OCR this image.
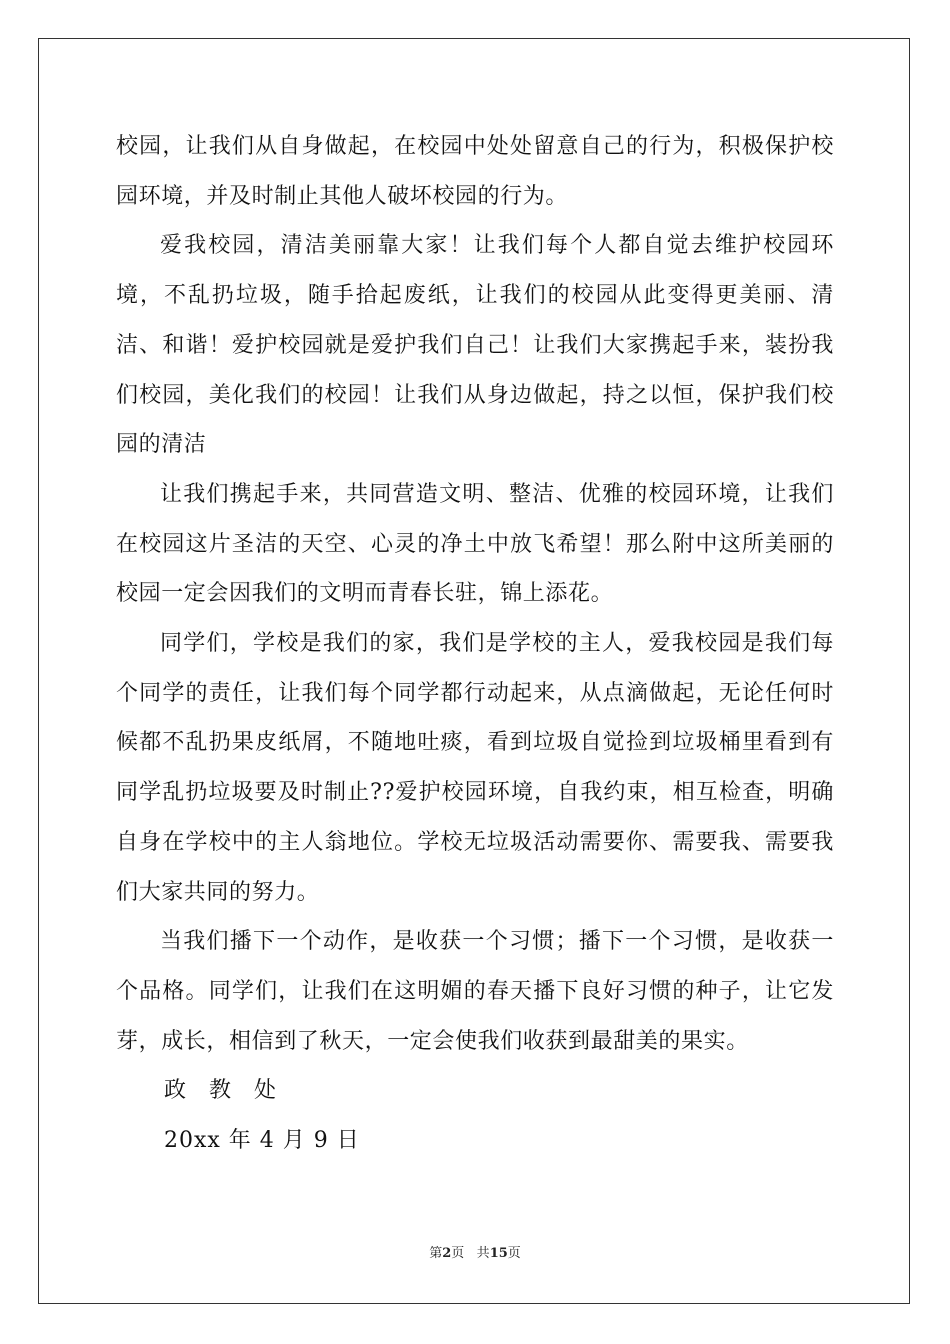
校园，让我们从自身做起，在校园中处处留意自己的行为，积极保护校园环境，并及时制止其他人破坏校园的行为。

爱我校园，清洁美丽靠大家！让我们每个人都自觉去维护校园环境，不乱扔垃圾，随手拾起废纸，让我们的校园从此变得更美丽、清洁、和谐！爱护校园就是爱护我们自己！让我们大家携起手来，装扮我们校园，美化我们的校园！让我们从身边做起，持之以恒，保护我们校园的清洁

让我们携起手来，共同营造文明、整洁、优雅的校园环境，让我们在校园这片圣洁的天空、心灵的净土中放飞希望！那么附中这所美丽的校园一定会因我们的文明而青春长驻，锦上添花。

同学们，学校是我们的家，我们是学校的主人，爱我校园是我们每个同学的责任，让我们每个同学都行动起来，从点滴做起，无论任何时候都不乱扔果皮纸屑，不随地吐痰，看到垃圾自觉捡到垃圾桶里看到有同学乱扔垃圾要及时制止??爱护校园环境，自我约束，相互检查，明确自身在学校中的主人翁地位。学校无垃圾活动需要你、需要我、需要我们大家共同的努力。

当我们播下一个动作，是收获一个习惯；播下一个习惯，是收获一个品格。同学们，让我们在这明媚的春天播下良好习惯的种子，让它发芽，成长，相信到了秋天，一定会使我们收获到最甜美的果实。

政 教 处

20xx 年 4 月 9 日

第2页 共15页
